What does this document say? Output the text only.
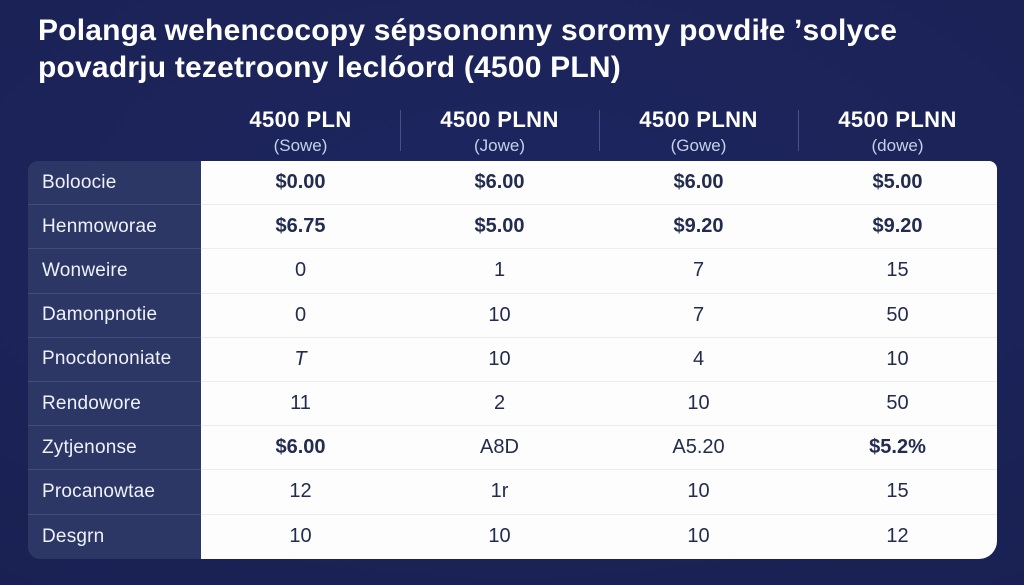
Polanga wehencocopy sépsononny soromy povdiłe ʼsolyce
povadrju tezetroony leclóord (4500 PLN)
4500 PLN
(Sowe)
4500 PLNN
(Jowe)
4500 PLNN
(Gowe)
4500 PLNN
(dowe)
Boloocie	$0.00	$6.00	$6.00	$5.00
Henmoworae	$6.75	$5.00	$9.20	$9.20
Wonweire	0	1	7	15
Damonpnotie	0	10	7	50
Pnocdononiate	T	10	4	10
Rendowore	11	2	10	50
Zytjenonse	$6.00	A8D	A5.20	$5.2%
Procanowtae	12	1r	10	15
Desgrn	10	10	10	12
